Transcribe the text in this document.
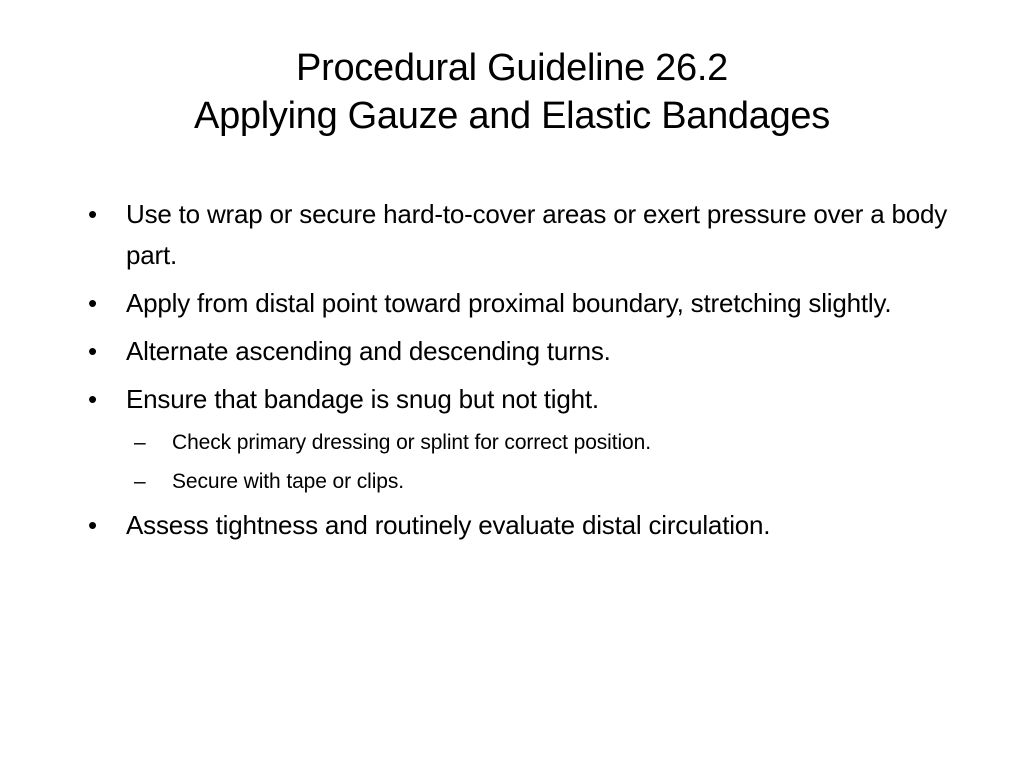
Procedural Guideline 26.2
Applying Gauze and Elastic Bandages
•	Use to wrap or secure hard-to-cover areas or exert pressure over a body part.
•	Apply from distal point toward proximal boundary, stretching slightly.
•	Alternate ascending and descending turns.
•	Ensure that bandage is snug but not tight.
– Check primary dressing or splint for correct position.
– Secure with tape or clips.
•	Assess tightness and routinely evaluate distal circulation.
